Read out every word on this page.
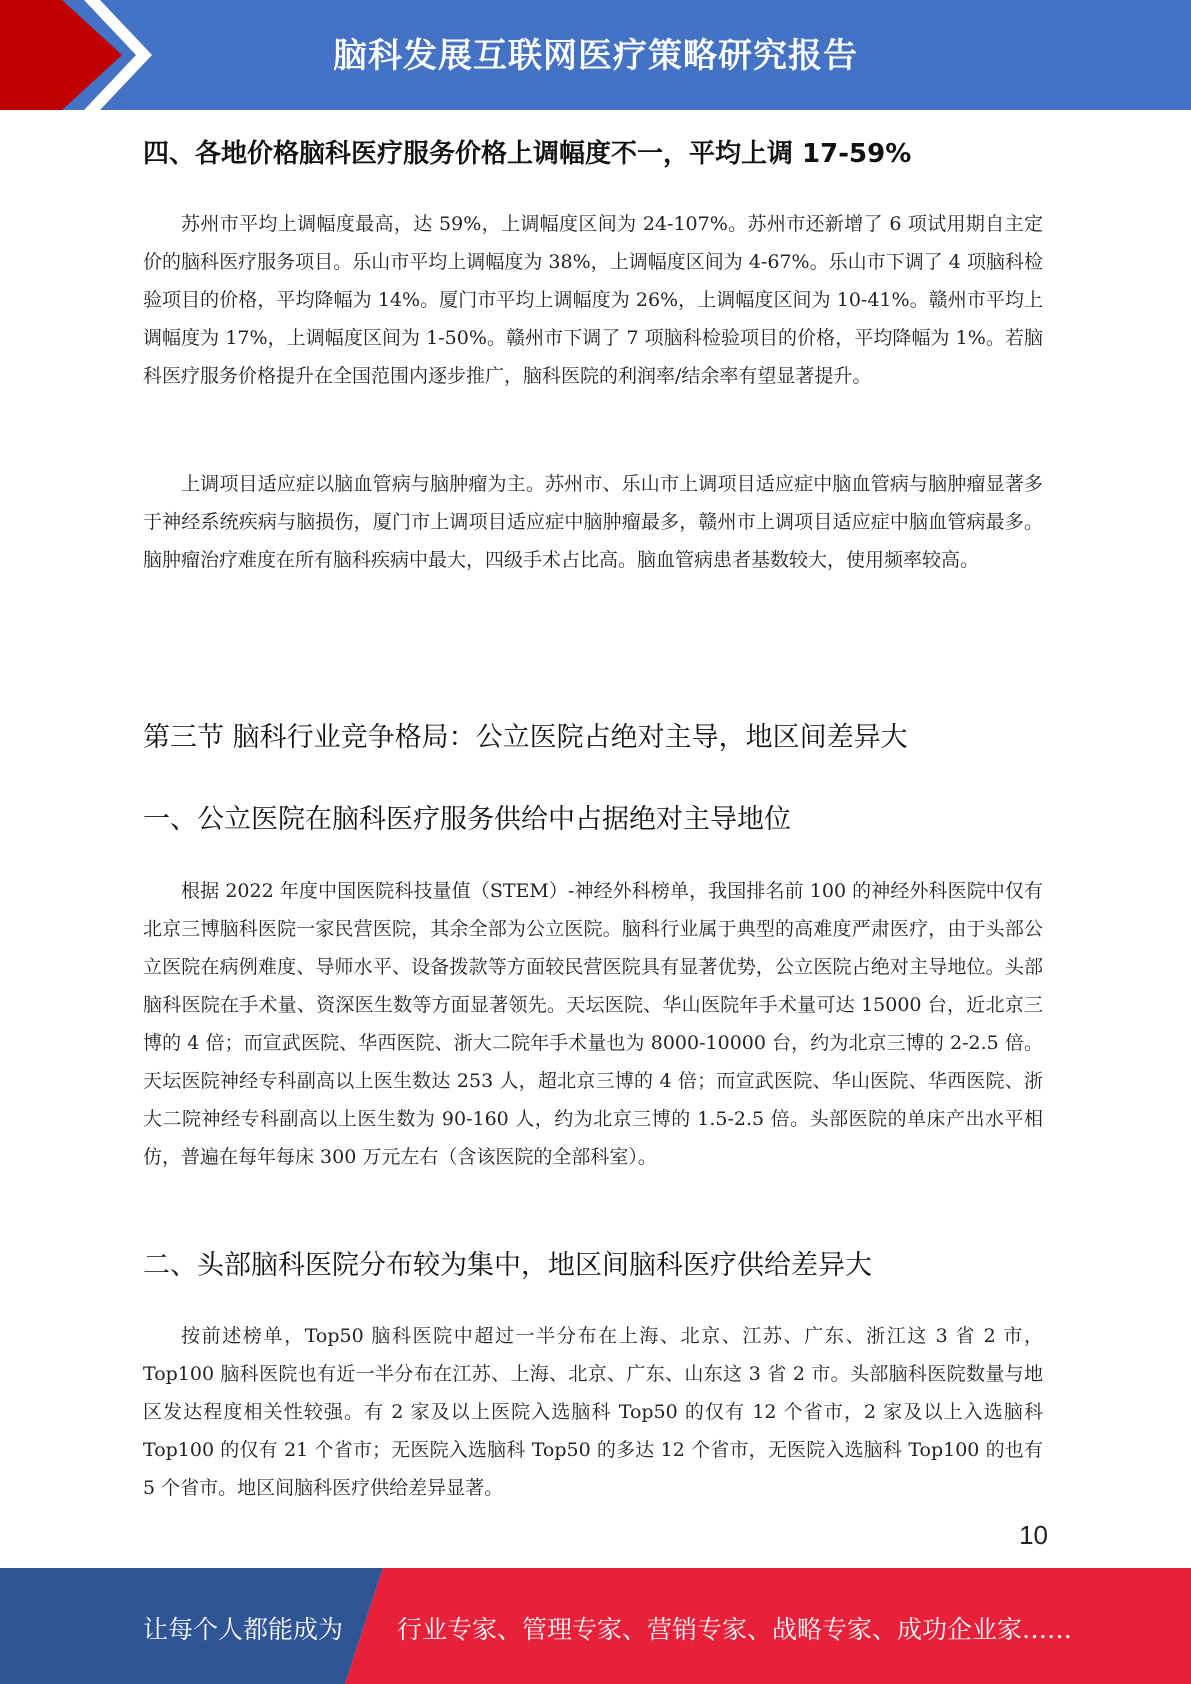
脑科发展互联网医疗策略研究报告
四、各地价格脑科医疗服务价格上调幅度不一，平均上调 17-59%

苏州市平均上调幅度最高，达 59%，上调幅度区间为 24-107%。苏州市还新增了 6 项试用期自主定价的脑科医疗服务项目。乐山市平均上调幅度为 38%，上调幅度区间为 4-67%。乐山市下调了 4 项脑科检验项目的价格，平均降幅为 14%。厦门市平均上调幅度为 26%，上调幅度区间为 10-41%。赣州市平均上调幅度为 17%，上调幅度区间为 1-50%。赣州市下调了 7 项脑科检验项目的价格，平均降幅为 1%。若脑科医疗服务价格提升在全国范围内逐步推广，脑科医院的利润率/结余率有望显著提升。

上调项目适应症以脑血管病与脑肿瘤为主。苏州市、乐山市上调项目适应症中脑血管病与脑肿瘤显著多于神经系统疾病与脑损伤，厦门市上调项目适应症中脑肿瘤最多，赣州市上调项目适应症中脑血管病最多。脑肿瘤治疗难度在所有脑科疾病中最大，四级手术占比高。脑血管病患者基数较大，使用频率较高。

第三节 脑科行业竞争格局：公立医院占绝对主导，地区间差异大
一、公立医院在脑科医疗服务供给中占据绝对主导地位

根据 2022 年度中国医院科技量值（STEM）-神经外科榜单，我国排名前 100 的神经外科医院中仅有北京三博脑科医院一家民营医院，其余全部为公立医院。脑科行业属于典型的高难度严肃医疗，由于头部公立医院在病例难度、导师水平、设备拨款等方面较民营医院具有显著优势，公立医院占绝对主导地位。头部脑科医院在手术量、资深医生数等方面显著领先。天坛医院、华山医院年手术量可达 15000 台，近北京三博的 4 倍；而宣武医院、华西医院、浙大二院年手术量也为 8000-10000 台，约为北京三博的 2-2.5 倍。天坛医院神经专科副高以上医生数达 253 人，超北京三博的 4 倍；而宣武医院、华山医院、华西医院、浙大二院神经专科副高以上医生数为 90-160 人，约为北京三博的 1.5-2.5 倍。头部医院的单床产出水平相仿，普遍在每年每床 300 万元左右（含该医院的全部科室）。

二、头部脑科医院分布较为集中，地区间脑科医疗供给差异大

按前述榜单，Top50 脑科医院中超过一半分布在上海、北京、江苏、广东、浙江这 3 省 2 市，Top100 脑科医院也有近一半分布在江苏、上海、北京、广东、山东这 3 省 2 市。头部脑科医院数量与地区发达程度相关性较强。有 2 家及以上医院入选脑科 Top50 的仅有 12 个省市，2 家及以上入选脑科 Top100 的仅有 21 个省市；无医院入选脑科 Top50 的多达 12 个省市，无医院入选脑科 Top100 的也有 5 个省市。地区间脑科医疗供给差异显著。

10
让每个人都能成为 行业专家、管理专家、营销专家、战略专家、成功企业家……
